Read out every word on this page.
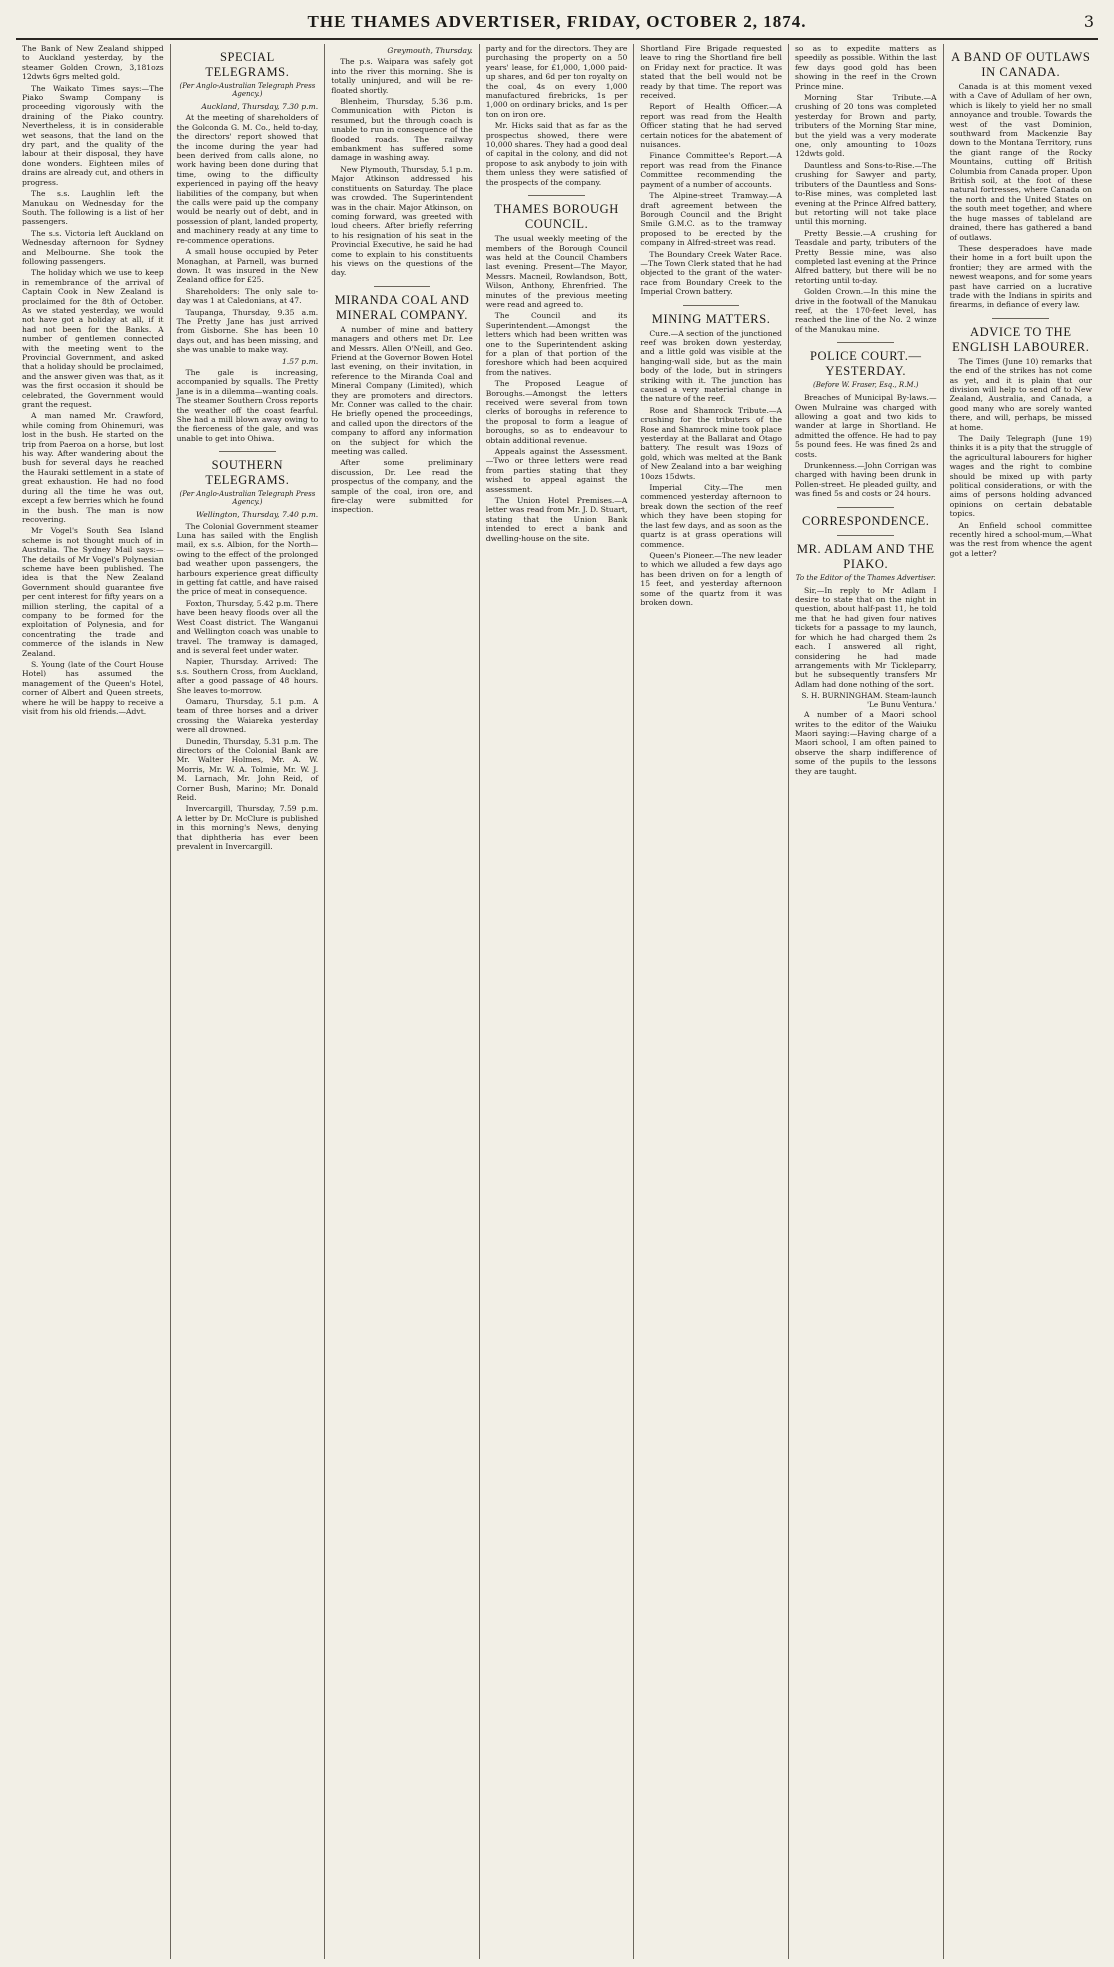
THE THAMES ADVERTISER, FRIDAY, OCTOBER 2, 1874.	3

The Bank of New Zealand shipped to Auckland yesterday, by the steamer Golden Crown, 3,181ozs 12dwts 6grs melted gold.

The Waikato Times says:—The Piako Swamp Company is proceeding vigorously with the draining of the Piako country. Nevertheless, it is in considerable wet seasons, that the land on the dry part, and the quality of the labour at their disposal, they have done wonders. Eighteen miles of drains are already cut, and others in progress.

The s.s. Laughlin left the Manukau on Wednesday for the South. The following is a list of her passengers.

The s.s. Victoria left Auckland on Wednesday afternoon for Sydney and Melbourne. She took the following passengers.

The holiday which we use to keep in remembrance of the arrival of Captain Cook in New Zealand is proclaimed for the 8th of October. As we stated yesterday, we would not have got a holiday at all, if it had not been for the Banks. A number of gentlemen connected with the meeting went to the Provincial Government, and asked that a holiday should be proclaimed, and the answer given was that, as it was the first occasion it should be celebrated, the Government would grant the request.

A man named Mr. Crawford, while coming from Ohinemuri, was lost in the bush. He started on the trip from Paeroa on a horse, but lost his way. After wandering about the bush for several days he reached the Hauraki settlement in a state of great exhaustion. He had no food during all the time he was out, except a few berries which he found in the bush. The man is now recovering.

Mr Vogel's South Sea Island scheme is not thought much of in Australia. The Sydney Mail says:—The details of Mr Vogel's Polynesian scheme have been published. The idea is that the New Zealand Government should guarantee five per cent interest for fifty years on a million sterling, the capital of a company to be formed for the exploitation of Polynesia, and for concentrating the trade and commerce of the islands in New Zealand.

S. Young (late of the Court House Hotel) has assumed the management of the Queen's Hotel, corner of Albert and Queen streets, where he will be happy to receive a visit from his old friends.—Advt.

SPECIAL TELEGRAMS.
(Per Anglo-Australian Telegraph Press Agency.)
Auckland, Thursday, 7.30 p.m.

At the meeting of shareholders of the Golconda G. M. Co., held to-day, the directors' report showed that the income during the year had been derived from calls alone, no work having been done during that time, owing to the difficulty experienced in paying off the heavy liabilities of the company, but when the calls were paid up the company would be nearly out of debt, and in possession of plant, landed property, and machinery ready at any time to re-commence operations.

A small house occupied by Peter Monaghan, at Parnell, was burned down. It was insured in the New Zealand office for £25.

Shareholders: The only sale to-day was 1 at Caledonians, at 47.

Taupanga, Thursday, 9.35 a.m. The Pretty Jane has just arrived from Gisborne. She has been 10 days out, and has been missing, and she was unable to make way.

1.57 p.m.

The gale is increasing, accompanied by squalls. The Pretty Jane is in a dilemma—wanting coals. The steamer Southern Cross reports the weather off the coast fearful. She had a mill blown away owing to the fierceness of the gale, and was unable to get into Ohiwa.

SOUTHERN TELEGRAMS.
(Per Anglo-Australian Telegraph Press Agency.)
Wellington, Thursday, 7.40 p.m.

The Colonial Government steamer Luna has sailed with the English mail, ex s.s. Albion, for the North—owing to the effect of the prolonged bad weather upon passengers, the harbours experience great difficulty in getting fat cattle, and have raised the price of meat in consequence.

Foxton, Thursday, 5.42 p.m. There have been heavy floods over all the West Coast district. The Wanganui and Wellington coach was unable to travel. The tramway is damaged, and is several feet under water.

Napier, Thursday. Arrived: The s.s. Southern Cross, from Auckland, after a good passage of 48 hours. She leaves to-morrow.

Oamaru, Thursday, 5.1 p.m. A team of three horses and a driver crossing the Waiareka yesterday were all drowned.

Dunedin, Thursday, 5.31 p.m. The directors of the Colonial Bank are Mr. Walter Holmes, Mr. A. W. Morris, Mr. W. A. Tolmie, Mr. W. J. M. Larnach, Mr. John Reid, of Corner Bush, Marino; Mr. Donald Reid.

Invercargill, Thursday, 7.59 p.m. A letter by Dr. McClure is published in this morning's News, denying that diphtheria has ever been prevalent in Invercargill.

Greymouth, Thursday.

The p.s. Waipara was safely got into the river this morning. She is totally uninjured, and will be re-floated shortly.

Blenheim, Thursday, 5.36 p.m. Communication with Picton is resumed, but the through coach is unable to run in consequence of the flooded roads. The railway embankment has suffered some damage in washing away.

New Plymouth, Thursday, 5.1 p.m. Major Atkinson addressed his constituents on Saturday. The place was crowded. The Superintendent was in the chair. Major Atkinson, on coming forward, was greeted with loud cheers. After briefly referring to his resignation of his seat in the Provincial Executive, he said he had come to explain to his constituents his views on the questions of the day.

MIRANDA COAL AND MINERAL COMPANY.

A number of mine and battery managers and others met Dr. Lee and Messrs. Allen O'Neill, and Geo. Friend at the Governor Bowen Hotel last evening, on their invitation, in reference to the Miranda Coal and Mineral Company (Limited), which they are promoters and directors. Mr. Conner was called to the chair. He briefly opened the proceedings, and called upon the directors of the company to afford any information on the subject for which the meeting was called.

After some preliminary discussion, Dr. Lee read the prospectus of the company, and the sample of the coal, iron ore, and fire-clay were submitted for inspection.

party and for the directors. They are purchasing the property on a 50 years' lease, for £1,000, 1,000 paid-up shares, and 6d per ton royalty on the coal, 4s on every 1,000 manufactured firebricks, 1s per 1,000 on ordinary bricks, and 1s per ton on iron ore.

Mr. Hicks said that as far as the prospectus showed, there were 10,000 shares. They had a good deal of capital in the colony, and did not propose to ask anybody to join with them unless they were satisfied of the prospects of the company.

THAMES BOROUGH COUNCIL.

The usual weekly meeting of the members of the Borough Council was held at the Council Chambers last evening. Present—The Mayor, Messrs. Macneil, Rowlandson, Bott, Wilson, Anthony, Ehrenfried. The minutes of the previous meeting were read and agreed to.

The Council and its Superintendent.—Amongst the letters which had been written was one to the Superintendent asking for a plan of that portion of the foreshore which had been acquired from the natives.

The Proposed League of Boroughs.—Amongst the letters received were several from town clerks of boroughs in reference to the proposal to form a league of boroughs, so as to endeavour to obtain additional revenue.

Appeals against the Assessment.—Two or three letters were read from parties stating that they wished to appeal against the assessment.

The Union Hotel Premises.—A letter was read from Mr. J. D. Stuart, stating that the Union Bank intended to erect a bank and dwelling-house on the site.

Shortland Fire Brigade requested leave to ring the Shortland fire bell on Friday next for practice. It was stated that the bell would not be ready by that time. The report was received.

Report of Health Officer.—A report was read from the Health Officer stating that he had served certain notices for the abatement of nuisances.

Finance Committee's Report.—A report was read from the Finance Committee recommending the payment of a number of accounts.

The Alpine-street Tramway.—A draft agreement between the Borough Council and the Bright Smile G.M.C. as to the tramway proposed to be erected by the company in Alfred-street was read.

The Boundary Creek Water Race.—The Town Clerk stated that he had objected to the grant of the water-race from Boundary Creek to the Imperial Crown battery.

MINING MATTERS.

Cure.—A section of the junctioned reef was broken down yesterday, and a little gold was visible at the hanging-wall side, but as the main body of the lode, but in stringers striking with it. The junction has caused a very material change in the nature of the reef.

Rose and Shamrock Tribute.—A crushing for the tributers of the Rose and Shamrock mine took place yesterday at the Ballarat and Otago battery. The result was 19ozs of gold, which was melted at the Bank of New Zealand into a bar weighing 10ozs 15dwts.

Imperial City.—The men commenced yesterday afternoon to break down the section of the reef which they have been stoping for the last few days, and as soon as the quartz is at grass operations will commence.

Queen's Pioneer.—The new leader to which we alluded a few days ago has been driven on for a length of 15 feet, and yesterday afternoon some of the quartz from it was broken down.

so as to expedite matters as speedily as possible. Within the last few days good gold has been showing in the reef in the Crown Prince mine.

Morning Star Tribute.—A crushing of 20 tons was completed yesterday for Brown and party, tributers of the Morning Star mine, but the yield was a very moderate one, only amounting to 10ozs 12dwts gold.

Dauntless and Sons-to-Rise.—The crushing for Sawyer and party, tributers of the Dauntless and Sons-to-Rise mines, was completed last evening at the Prince Alfred battery, but retorting will not take place until this morning.

Pretty Bessie.—A crushing for Teasdale and party, tributers of the Pretty Bessie mine, was also completed last evening at the Prince Alfred battery, but there will be no retorting until to-day.

Golden Crown.—In this mine the drive in the footwall of the Manukau reef, at the 170-feet level, has reached the line of the No. 2 winze of the Manukau mine.

POLICE COURT.—YESTERDAY.
(Before W. Fraser, Esq., R.M.)

Breaches of Municipal By-laws.—Owen Mulraine was charged with allowing a goat and two kids to wander at large in Shortland. He admitted the offence. He had to pay 5s pound fees. He was fined 2s and costs.

Drunkenness.—John Corrigan was charged with having been drunk in Pollen-street. He pleaded guilty, and was fined 5s and costs or 24 hours.

CORRESPONDENCE.
MR. ADLAM AND THE PIAKO.
To the Editor of the Thames Advertiser.

Sir,—In reply to Mr Adlam I desire to state that on the night in question, about half-past 11, he told me that he had given four natives tickets for a passage to my launch, for which he had charged them 2s each. I answered all right, considering he had made arrangements with Mr Tickleparry, but he subsequently transfers Mr Adlam had done nothing of the sort.

S. H. BURNINGHAM. Steam-launch 'Le Bunu Ventura.'

A number of a Maori school writes to the editor of the Waiuku Maori saying:—Having charge of a Maori school, I am often pained to observe the sharp indifference of some of the pupils to the lessons they are taught.

A BAND OF OUTLAWS IN CANADA.

Canada is at this moment vexed with a Cave of Adullam of her own, which is likely to yield her no small annoyance and trouble. Towards the west of the vast Dominion, southward from Mackenzie Bay down to the Montana Territory, runs the giant range of the Rocky Mountains, cutting off British Columbia from Canada proper. Upon British soil, at the foot of these natural fortresses, where Canada on the north and the United States on the south meet together, and where the huge masses of tableland are drained, there has gathered a band of outlaws.

These desperadoes have made their home in a fort built upon the frontier; they are armed with the newest weapons, and for some years past have carried on a lucrative trade with the Indians in spirits and firearms, in defiance of every law.

ADVICE TO THE ENGLISH LABOURER.

The Times (June 10) remarks that the end of the strikes has not come as yet, and it is plain that our division will help to send off to New Zealand, Australia, and Canada, a good many who are sorely wanted there, and will, perhaps, be missed at home.

The Daily Telegraph (June 19) thinks it is a pity that the struggle of the agricultural labourers for higher wages and the right to combine should be mixed up with party political considerations, or with the aims of persons holding advanced opinions on certain debatable topics.

An Enfield school committee recently hired a school-mum,—What was the rest from whence the agent got a letter?
